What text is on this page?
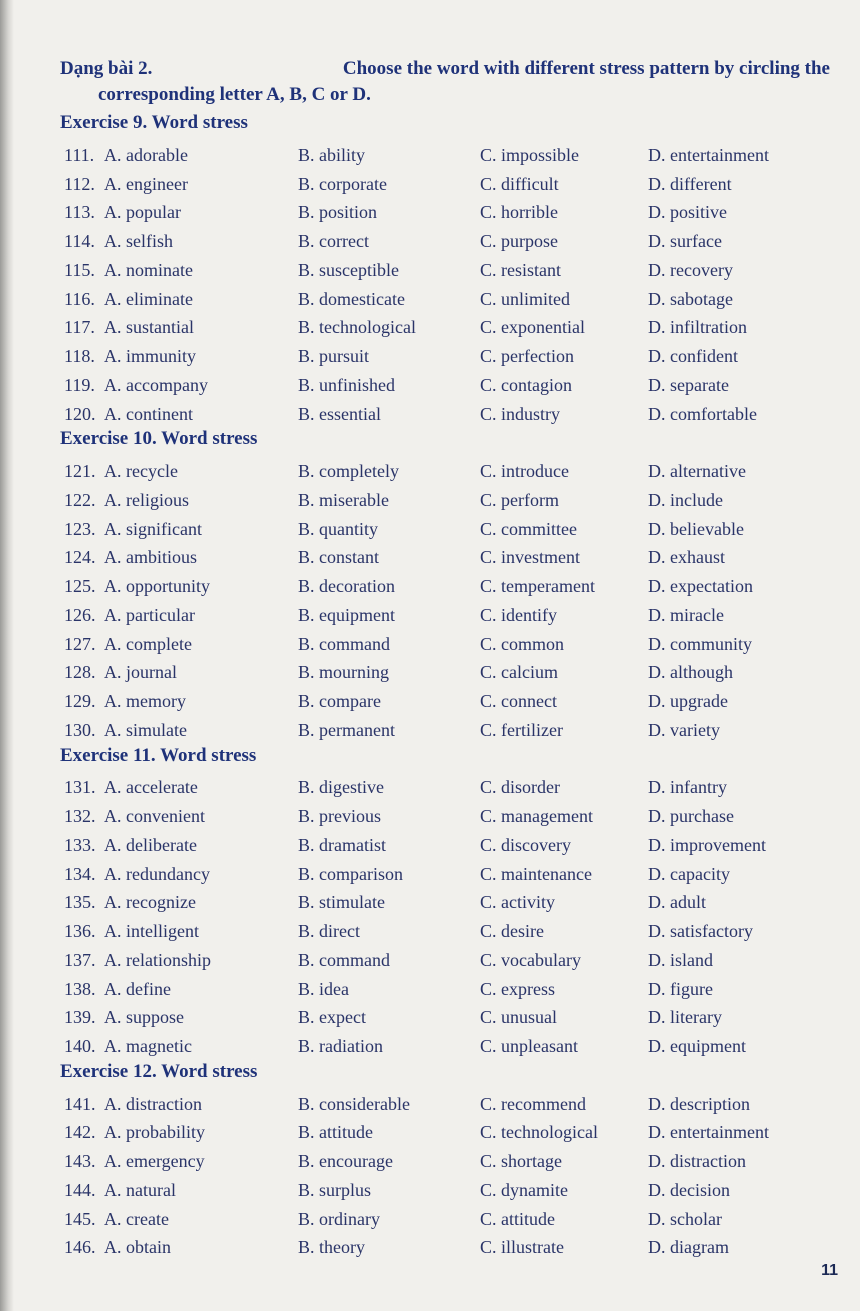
Dạng bài 2.	Choose the word with different stress pattern by circling the
corresponding letter A, B, C or D.
Exercise 9. Word stress
111. A. adorable	B. ability	C. impossible	D. entertainment
112. A. engineer	B. corporate	C. difficult	D. different
113. A. popular	B. position	C. horrible	D. positive
114. A. selfish	B. correct	C. purpose	D. surface
115. A. nominate	B. susceptible	C. resistant	D. recovery
116. A. eliminate	B. domesticate	C. unlimited	D. sabotage
117. A. sustantial	B. technological	C. exponential	D. infiltration
118. A. immunity	B. pursuit	C. perfection	D. confident
119. A. accompany	B. unfinished	C. contagion	D. separate
120. A. continent	B. essential	C. industry	D. comfortable
Exercise 10. Word stress
121. A. recycle	B. completely	C. introduce	D. alternative
122. A. religious	B. miserable	C. perform	D. include
123. A. significant	B. quantity	C. committee	D. believable
124. A. ambitious	B. constant	C. investment	D. exhaust
125. A. opportunity	B. decoration	C. temperament	D. expectation
126. A. particular	B. equipment	C. identify	D. miracle
127. A. complete	B. command	C. common	D. community
128. A. journal	B. mourning	C. calcium	D. although
129. A. memory	B. compare	C. connect	D. upgrade
130. A. simulate	B. permanent	C. fertilizer	D. variety
Exercise 11. Word stress
131. A. accelerate	B. digestive	C. disorder	D. infantry
132. A. convenient	B. previous	C. management	D. purchase
133. A. deliberate	B. dramatist	C. discovery	D. improvement
134. A. redundancy	B. comparison	C. maintenance	D. capacity
135. A. recognize	B. stimulate	C. activity	D. adult
136. A. intelligent	B. direct	C. desire	D. satisfactory
137. A. relationship	B. command	C. vocabulary	D. island
138. A. define	B. idea	C. express	D. figure
139. A. suppose	B. expect	C. unusual	D. literary
140. A. magnetic	B. radiation	C. unpleasant	D. equipment
Exercise 12. Word stress
141. A. distraction	B. considerable	C. recommend	D. description
142. A. probability	B. attitude	C. technological	D. entertainment
143. A. emergency	B. encourage	C. shortage	D. distraction
144. A. natural	B. surplus	C. dynamite	D. decision
145. A. create	B. ordinary	C. attitude	D. scholar
146. A. obtain	B. theory	C. illustrate	D. diagram
11
